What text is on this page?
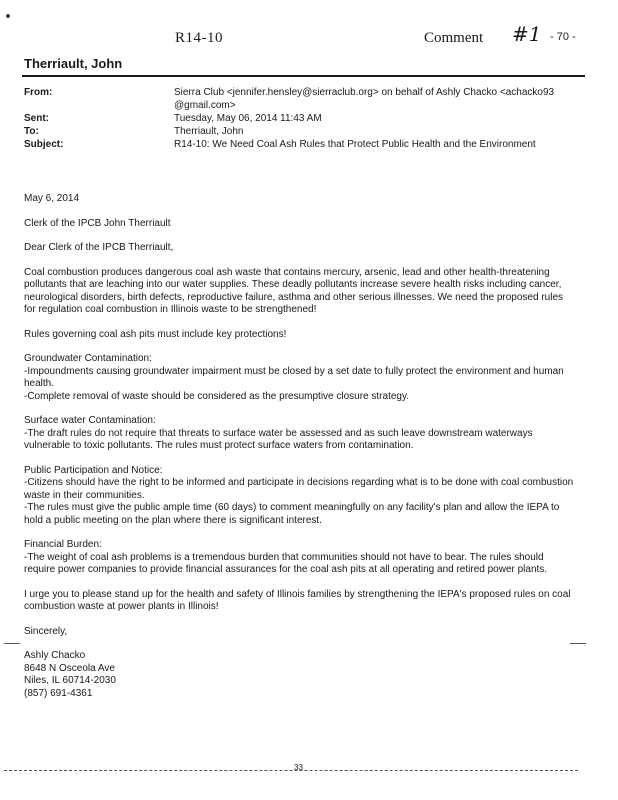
R14-10	Comment #1 - 70 -
Therriault, John
From:	Sierra Club <jennifer.hensley@sierraclub.org> on behalf of Ashly Chacko <achacko93 @gmail.com>
Sent:	Tuesday, May 06, 2014 11:43 AM
To:	Therriault, John
Subject:	R14-10: We Need Coal Ash Rules that Protect Public Health and the Environment

May 6, 2014

Clerk of the IPCB John Therriault

Dear Clerk of the IPCB Therriault,

Coal combustion produces dangerous coal ash waste that contains mercury, arsenic, lead and other health-threatening pollutants that are leaching into our water supplies. These deadly pollutants increase severe health risks including cancer, neurological disorders, birth defects, reproductive failure, asthma and other serious illnesses. We need the proposed rules for regulation coal combustion in Illinois waste to be strengthened!

Rules governing coal ash pits must include key protections!

Groundwater Contamination:

-Impoundments causing groundwater impairment must be closed by a set date to fully protect the environment and human health.

-Complete removal of waste should be considered as the presumptive closure strategy.

Surface water Contamination:

-The draft rules do not require that threats to surface water be assessed and as such leave downstream waterways vulnerable to toxic pollutants. The rules must protect surface waters from contamination.

Public Participation and Notice:

-Citizens should have the right to be informed and participate in decisions regarding what is to be done with coal combustion waste in their communities.

-The rules must give the public ample time (60 days) to comment meaningfully on any facility's plan and allow the IEPA to hold a public meeting on the plan where there is significant interest.

Financial Burden:

-The weight of coal ash problems is a tremendous burden that communities should not have to bear. The rules should require power companies to provide financial assurances for the coal ash pits at all operating and retired power plants.

I urge you to please stand up for the health and safety of Illinois families by strengthening the IEPA's proposed rules on coal combustion waste at power plants in Illinois!

Sincerely,

Ashly Chacko

8648 N Osceola Ave

Niles, IL 60714-2030

(857) 691-4361

33
